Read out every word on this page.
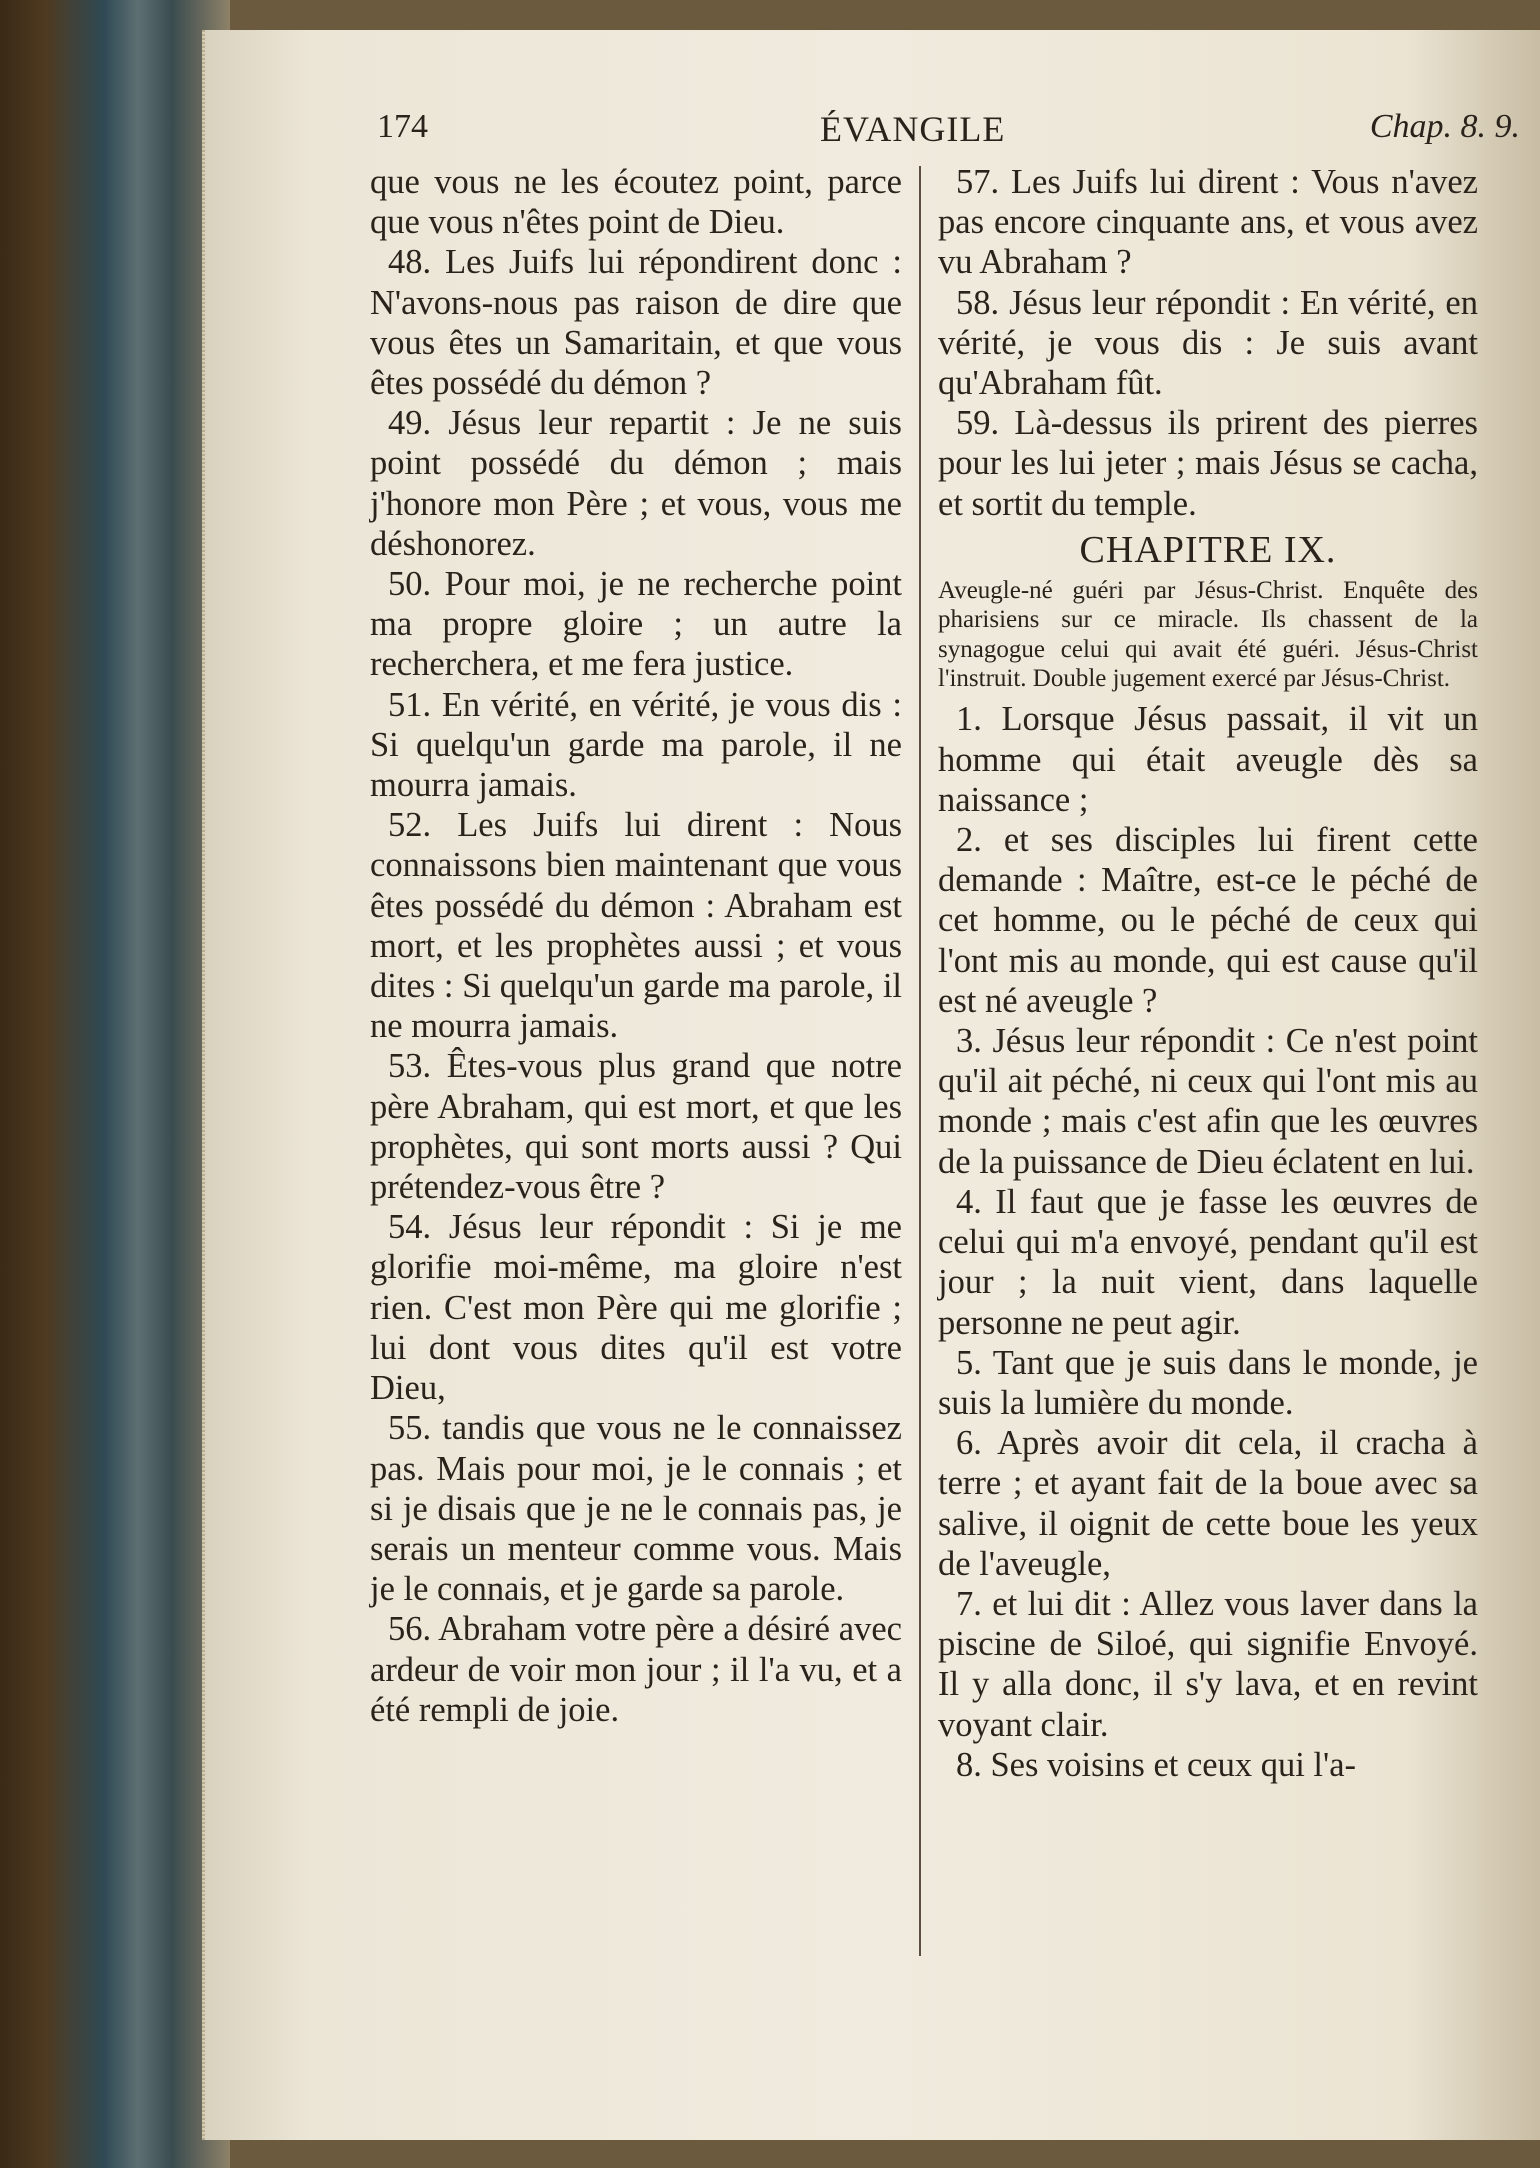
174	ÉVANGILE	Chap. 8. 9.

que vous ne les écoutez point, parce que vous n'êtes point de Dieu.

48. Les Juifs lui répondirent donc : N'avons-nous pas raison de dire que vous êtes un Samaritain, et que vous êtes possédé du démon ?

49. Jésus leur repartit : Je ne suis point possédé du démon ; mais j'honore mon Père ; et vous, vous me déshonorez.

50. Pour moi, je ne recherche point ma propre gloire ; un autre la recherchera, et me fera justice.

51. En vérité, en vérité, je vous dis : Si quelqu'un garde ma parole, il ne mourra jamais.

52. Les Juifs lui dirent : Nous connaissons bien maintenant que vous êtes possédé du démon : Abraham est mort, et les prophètes aussi ; et vous dites : Si quelqu'un garde ma parole, il ne mourra jamais.

53. Êtes-vous plus grand que notre père Abraham, qui est mort, et que les prophètes, qui sont morts aussi ? Qui prétendez-vous être ?

54. Jésus leur répondit : Si je me glorifie moi-même, ma gloire n'est rien. C'est mon Père qui me glorifie ; lui dont vous dites qu'il est votre Dieu,

55. tandis que vous ne le connaissez pas. Mais pour moi, je le connais ; et si je disais que je ne le connais pas, je serais un menteur comme vous. Mais je le connais, et je garde sa parole.

56. Abraham votre père a désiré avec ardeur de voir mon jour ; il l'a vu, et a été rempli de joie.

57. Les Juifs lui dirent : Vous n'avez pas encore cinquante ans, et vous avez vu Abraham ?

58. Jésus leur répondit : En vérité, en vérité, je vous dis : Je suis avant qu'Abraham fût.

59. Là-dessus ils prirent des pierres pour les lui jeter ; mais Jésus se cacha, et sortit du temple.

CHAPITRE IX.

Aveugle-né guéri par Jésus-Christ. Enquête des pharisiens sur ce miracle. Ils chassent de la synagogue celui qui avait été guéri. Jésus-Christ l'instruit. Double jugement exercé par Jésus-Christ.

1. Lorsque Jésus passait, il vit un homme qui était aveugle dès sa naissance ;

2. et ses disciples lui firent cette demande : Maître, est-ce le péché de cet homme, ou le péché de ceux qui l'ont mis au monde, qui est cause qu'il est né aveugle ?

3. Jésus leur répondit : Ce n'est point qu'il ait péché, ni ceux qui l'ont mis au monde ; mais c'est afin que les œuvres de la puissance de Dieu éclatent en lui.

4. Il faut que je fasse les œuvres de celui qui m'a envoyé, pendant qu'il est jour ; la nuit vient, dans laquelle personne ne peut agir.

5. Tant que je suis dans le monde, je suis la lumière du monde.

6. Après avoir dit cela, il cracha à terre ; et ayant fait de la boue avec sa salive, il oignit de cette boue les yeux de l'aveugle,

7. et lui dit : Allez vous laver dans la piscine de Siloé, qui signifie Envoyé. Il y alla donc, il s'y lava, et en revint voyant clair.

8. Ses voisins et ceux qui l'a-
